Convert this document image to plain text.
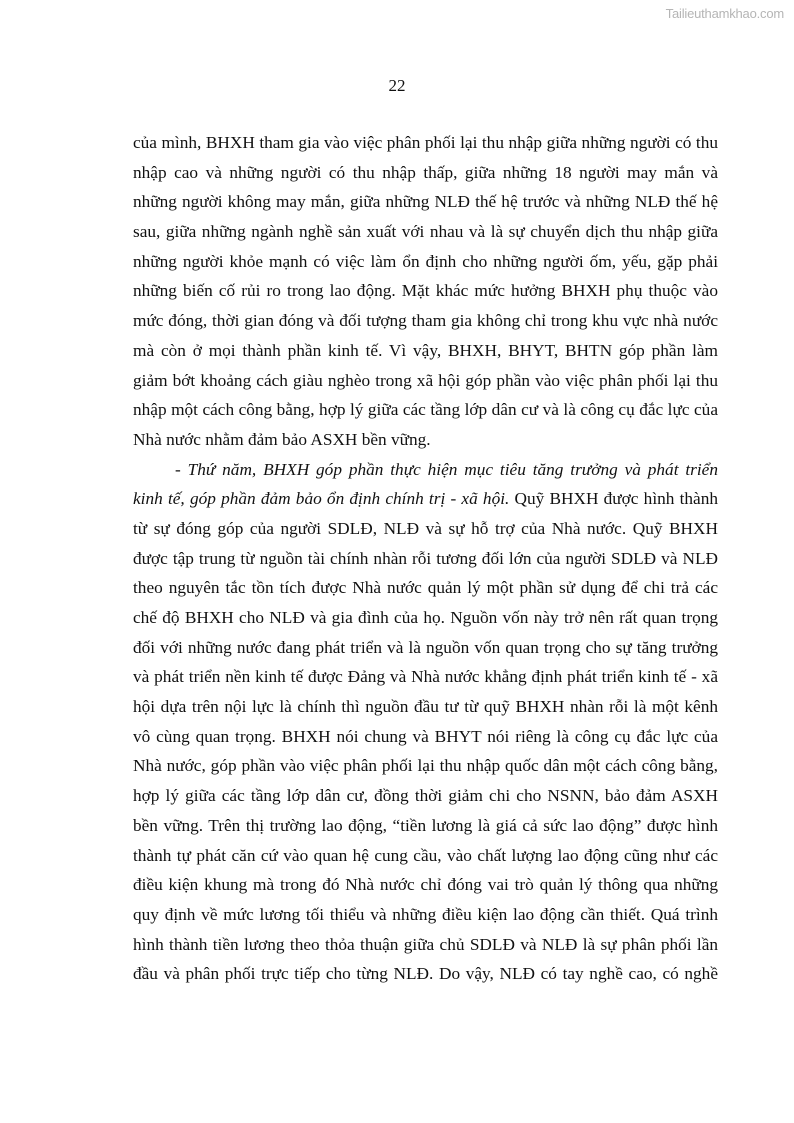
Tailieuthamkhao.com
22
của mình, BHXH tham gia vào việc phân phối lại thu nhập giữa những người có thu
nhập cao và những người có thu nhập thấp, giữa những 18 người may mắn và
những người không may mắn, giữa những NLĐ thế hệ trước và những NLĐ thế hệ
sau, giữa những ngành nghề sản xuất với nhau và là sự chuyển dịch thu nhập giữa
những người khỏe mạnh có việc làm ổn định cho những người ốm, yếu, gặp phải
những biến cố rủi ro trong lao động. Mặt khác mức hưởng BHXH phụ thuộc vào
mức đóng, thời gian đóng và đối tượng tham gia không chỉ trong khu vực nhà nước
mà còn ở mọi thành phần kinh tế. Vì vậy, BHXH, BHYT, BHTN góp phần làm
giảm bớt khoảng cách giàu nghèo trong xã hội góp phần vào việc phân phối lại thu
nhập một cách công bằng, hợp lý giữa các tầng lớp dân cư và là công cụ đắc lực của
Nhà nước nhằm đảm bảo ASXH bền vững.
- Thứ năm, BHXH góp phần thực hiện mục tiêu tăng trưởng và phát triển
kinh tế, góp phần đảm bảo ổn định chính trị - xã hội. Quỹ BHXH được hình thành
từ sự đóng góp của người SDLĐ, NLĐ và sự hỗ trợ của Nhà nước. Quỹ BHXH
được tập trung từ nguồn tài chính nhàn rỗi tương đối lớn của người SDLĐ và NLĐ
theo nguyên tắc tồn tích được Nhà nước quản lý một phần sử dụng để chi trả các
chế độ BHXH cho NLĐ và gia đình của họ. Nguồn vốn này trở nên rất quan trọng
đối với những nước đang phát triển và là nguồn vốn quan trọng cho sự tăng trưởng
và phát triển nền kinh tế được Đảng và Nhà nước khẳng định phát triển kinh tế - xã
hội dựa trên nội lực là chính thì nguồn đầu tư từ quỹ BHXH nhàn rỗi là một kênh
vô cùng quan trọng. BHXH nói chung và BHYT nói riêng là công cụ đắc lực của
Nhà nước, góp phần vào việc phân phối lại thu nhập quốc dân một cách công bằng,
hợp lý giữa các tầng lớp dân cư, đồng thời giảm chi cho NSNN, bảo đảm ASXH
bền vững. Trên thị trường lao động, “tiền lương là giá cả sức lao động” được hình
thành tự phát căn cứ vào quan hệ cung cầu, vào chất lượng lao động cũng như các
điều kiện khung mà trong đó Nhà nước chỉ đóng vai trò quản lý thông qua những
quy định về mức lương tối thiểu và những điều kiện lao động cần thiết. Quá trình
hình thành tiền lương theo thỏa thuận giữa chủ SDLĐ và NLĐ là sự phân phối lần
đầu và phân phối trực tiếp cho từng NLĐ. Do vậy, NLĐ có tay nghề cao, có nghề
